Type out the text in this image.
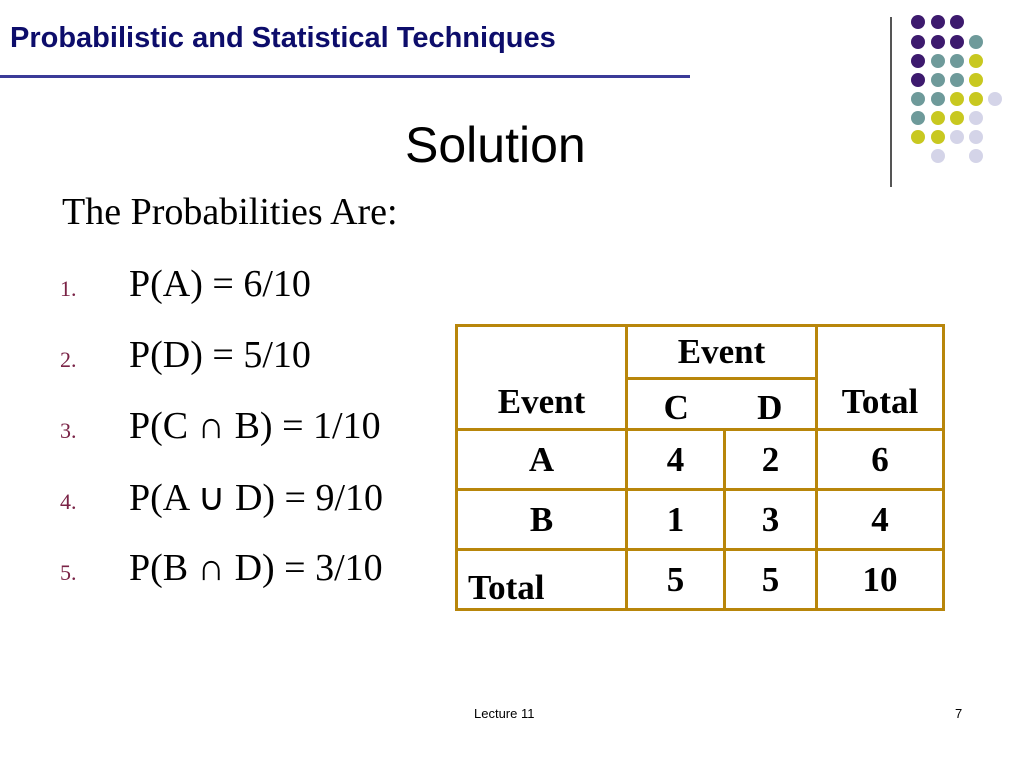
Probabilistic and Statistical Techniques
Solution
The Probabilities Are:
1. P(A) = 6/10
2. P(D) = 5/10
3. P(C ∩ B) = 1/10
4. P(A ∪ D) = 9/10
5. P(B ∩ D) = 3/10
Event	Event		Total
	C	D	
A	4	2	6
B	1	3	4
Total	5	5	10
Lecture 11	7
